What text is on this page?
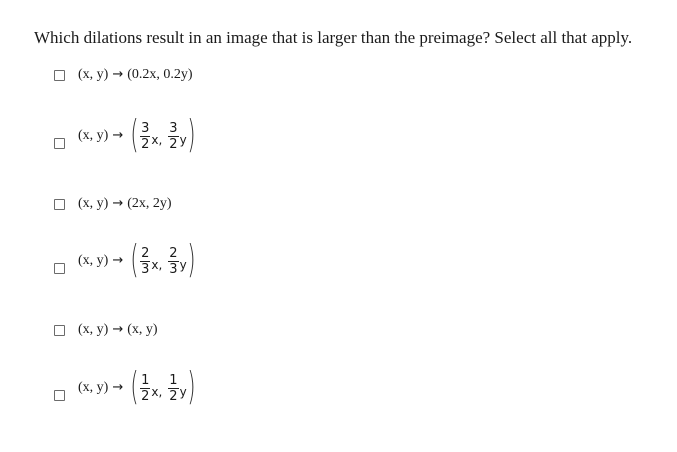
Which dilations result in an image that is larger than the preimage? Select all that apply.
(x, y) → (0.2x, 0.2y)
(x, y) → ( $\frac{3}{2}$ x , $\frac{3}{2}$ y )
(x, y) → (2x, 2y)
(x, y) → ( $\frac{2}{3}$ x , $\frac{2}{3}$ y )
(x, y) → (x, y)
(x, y) → ( $\frac{1}{2}$ x , $\frac{1}{2}$ y )
